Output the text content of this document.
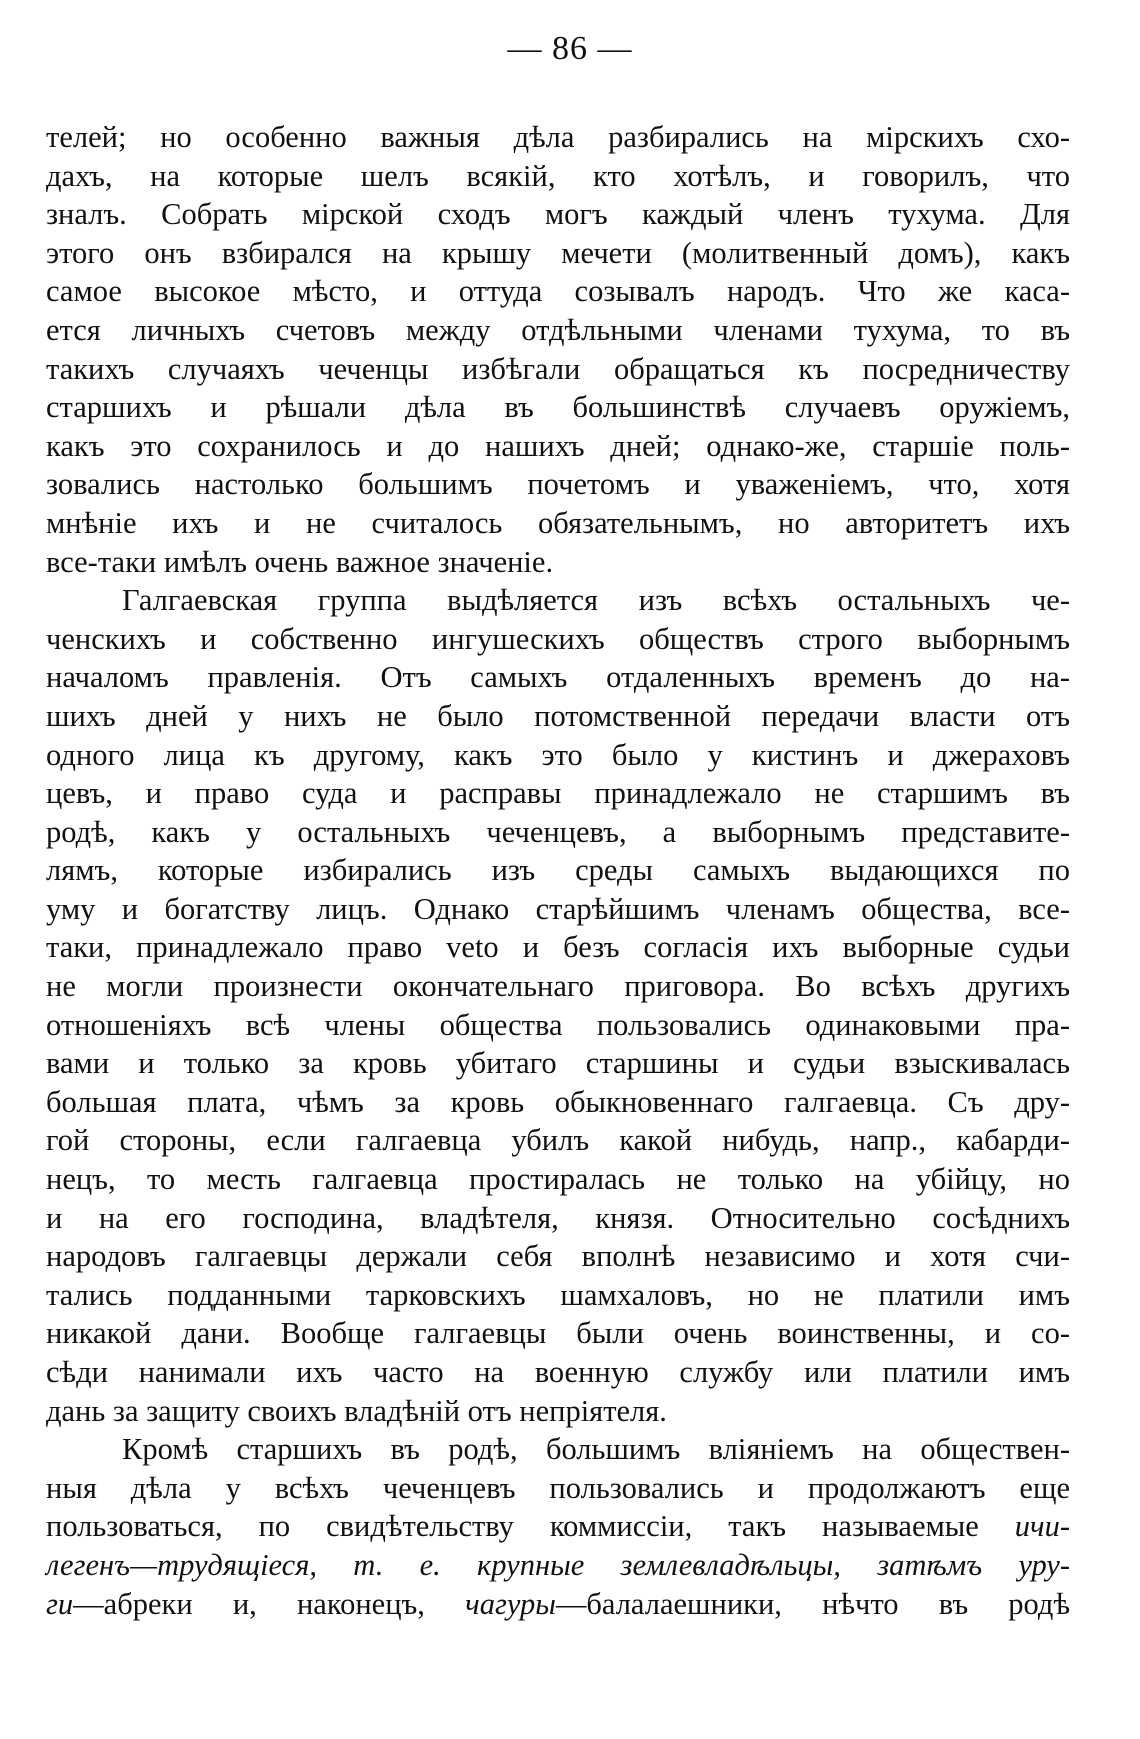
— 86 —
телей; но особенно важныя дѣла разбирались на мірскихъ схо-
дахъ, на которые шелъ всякій, кто хотѣлъ, и говорилъ, что
зналъ. Собрать мірской сходъ могъ каждый членъ тухума. Для
этого онъ взбирался на крышу мечети (молитвенный домъ), какъ
самое высокое мѣсто, и оттуда созывалъ народъ. Что же каса-
ется личныхъ счетовъ между отдѣльными членами тухума, то въ
такихъ случаяхъ чеченцы избѣгали обращаться къ посредничеству
старшихъ и рѣшали дѣла въ большинствѣ случаевъ оружіемъ,
какъ это сохранилось и до нашихъ дней; однако-же, старшіе поль-
зовались настолько большимъ почетомъ и уваженіемъ, что, хотя
мнѣніе ихъ и не считалось обязательнымъ, но авторитетъ ихъ
все-таки имѣлъ очень важное значеніе.
Галгаевская группа выдѣляется изъ всѣхъ остальныхъ че-
ченскихъ и собственно ингушескихъ обществъ строго выборнымъ
началомъ правленія. Отъ самыхъ отдаленныхъ временъ до на-
шихъ дней у нихъ не было потомственной передачи власти отъ
одного лица къ другому, какъ это было у кистинъ и джераховъ
цевъ, и право суда и расправы принадлежало не старшимъ въ
родѣ, какъ у остальныхъ чеченцевъ, а выборнымъ представите-
лямъ, которые избирались изъ среды самыхъ выдающихся по
уму и богатству лицъ. Однако старѣйшимъ членамъ общества, все-
таки, принадлежало право veto и безъ согласія ихъ выборные судьи
не могли произнести окончательнаго приговора. Во всѣхъ другихъ
отношеніяхъ всѣ члены общества пользовались одинаковыми пра-
вами и только за кровь убитаго старшины и судьи взыскивалась
большая плата, чѣмъ за кровь обыкновеннаго галгаевца. Съ дру-
гой стороны, если галгаевца убилъ какой нибудь, напр., кабарди-
нецъ, то месть галгаевца простиралась не только на убійцу, но
и на его господина, владѣтеля, князя. Относительно сосѣднихъ
народовъ галгаевцы держали себя вполнѣ независимо и хотя счи-
тались подданными тарковскихъ шамхаловъ, но не платили имъ
никакой дани. Вообще галгаевцы были очень воинственны, и со-
сѣди нанимали ихъ часто на военную службу или платили имъ
дань за защиту своихъ владѣній отъ непріятеля.
Кромѣ старшихъ въ родѣ, большимъ вліяніемъ на обществен-
ныя дѣла у всѣхъ чеченцевъ пользовались и продолжаютъ еще
пользоваться, по свидѣтельству коммиссіи, такъ называемые ичи-
легенъ—трудящіеся, т. е. крупные землевладѣльцы, затѣмъ уру-
ги—абреки и, наконецъ, чагуры—балалаешники, нѣчто въ родѣ
